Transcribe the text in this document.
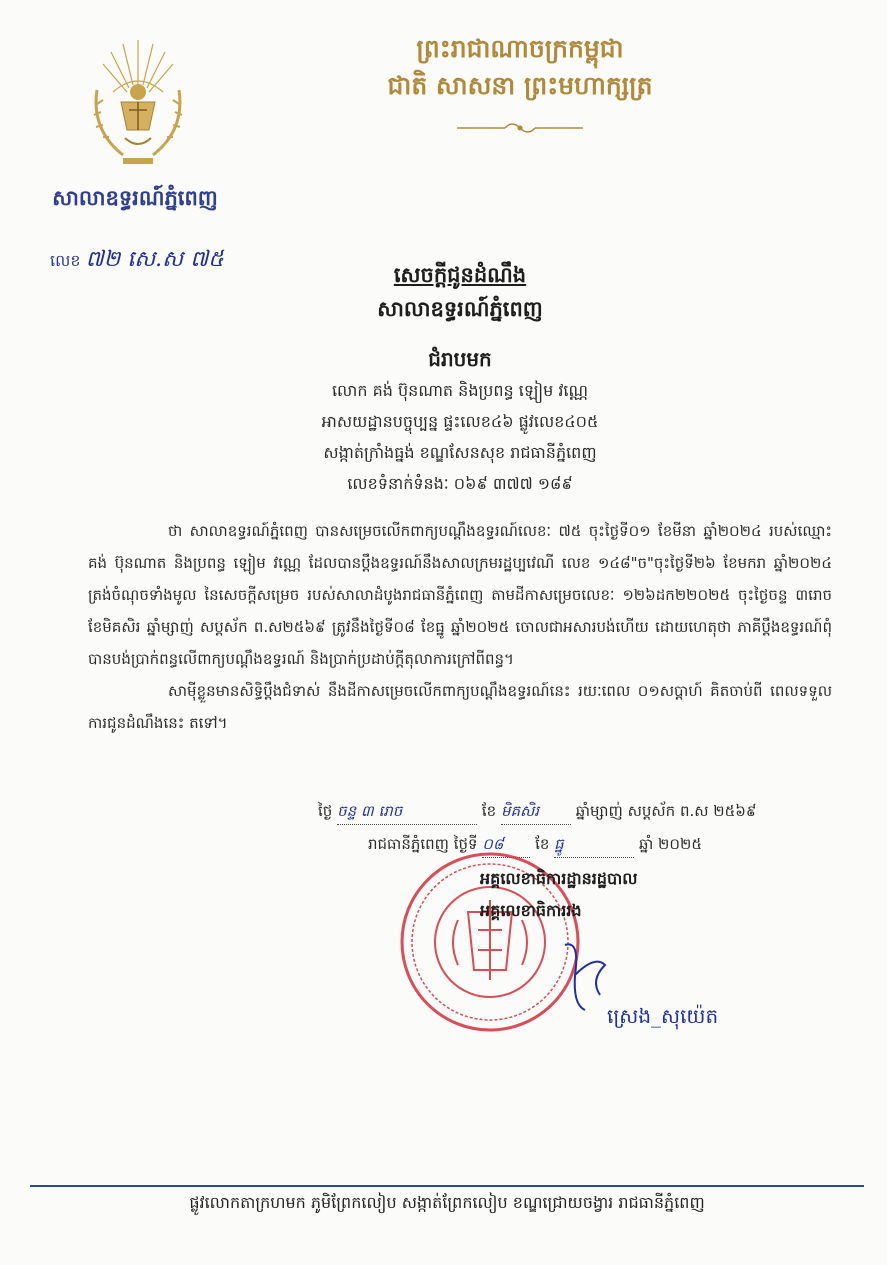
ព្រះរាជាណាចក្រកម្ពុជា
ជាតិ សាសនា ព្រះមហាក្សត្រ
សាលាឧទ្ធរណ៍ភ្នំពេញ
លេខ ៧២ សេ.ស ៧៥
សេចក្តីជូនដំណឹង
សាលាឧទ្ធរណ៍ភ្នំពេញ
ជំរាបមក
លោក គង់ ប៊ុនណាត និងប្រពន្ធ ឡៀម វណ្ណេ
អាសយដ្ឋានបច្ចុប្បន្ន ផ្ទះលេខ៤៦ ផ្លូវលេខ៤០៥
សង្កាត់ក្រាំងធ្នង់ ខណ្ឌសែនសុខ រាជធានីភ្នំពេញ
លេខទំនាក់ទំនងៈ ០៦៩ ៣៧៧ ១៨៩

ថា សាលាឧទ្ធរណ៍ភ្នំពេញ បានសម្រេចលើកពាក្យបណ្តឹងឧទ្ធរណ៍លេខៈ ៧៥ ចុះថ្ងៃទី០១ ខែមីនា ឆ្នាំ២០២៤ របស់ឈ្មោះ គង់ ប៊ុនណាត និងប្រពន្ធ ឡៀម វណ្ណេ ដែលបានប្តឹងឧទ្ធរណ៍នឹងសាលក្រមរដ្ឋប្បវេណី លេខ ១៤៨"ច"ចុះថ្ងៃទី២៦ ខែមករា ឆ្នាំ២០២៤ ត្រង់ចំណុចទាំងមូល នៃសេចក្តីសម្រេច របស់សាលាដំបូងរាជធានីភ្នំពេញ តាមដីកាសម្រេចលេខៈ ១២៦ដក២២០២៥ ចុះថ្ងៃចន្ទ ៣រោច ខែមិគសិរ ឆ្នាំម្សាញ់ សប្តស័ក ព.ស២៥៦៩ ត្រូវនឹងថ្ងៃទី០៨ ខែធ្នូ ឆ្នាំ២០២៥ ចោលជាអសារបង់ហើយ ដោយហេតុថា ភាគីប្តឹងឧទ្ធរណ៍ពុំបានបង់ប្រាក់ពន្ធលើពាក្យបណ្តឹងឧទ្ធរណ៍ និងប្រាក់ប្រដាប់ក្តីតុលាការក្រៅពីពន្ធ។

សាម៉ីខ្លួនមានសិទ្ធិប្តឹងជំទាស់ នឹងដីកាសម្រេចលើកពាក្យបណ្តឹងឧទ្ធរណ៍នេះ រយៈពេល ០១សប្តាហ៍ គិតចាប់ពី ពេលទទួលការជូនដំណឹងនេះ តទៅ។

ថ្ងៃ ចន្ទ ៣ រោច	ខែ មិគសិរ ឆ្នាំម្សាញ់ សប្តស័ក ព.ស ២៥៦៩
រាជធានីភ្នំពេញ ថ្ងៃទី ០៨ ខែ ធ្នូ	ឆ្នាំ ២០២៥
អគ្គលេខាធិការដ្ឋានរដ្ឋបាល
អគ្គលេខាធិការរង
ស្រេង_សុយ៉េត
ផ្លូវលោកតាក្រហមក ភូមិព្រែកលៀប សង្កាត់ព្រែកលៀប ខណ្ឌជ្រោយចង្វារ រាជធានីភ្នំពេញ
